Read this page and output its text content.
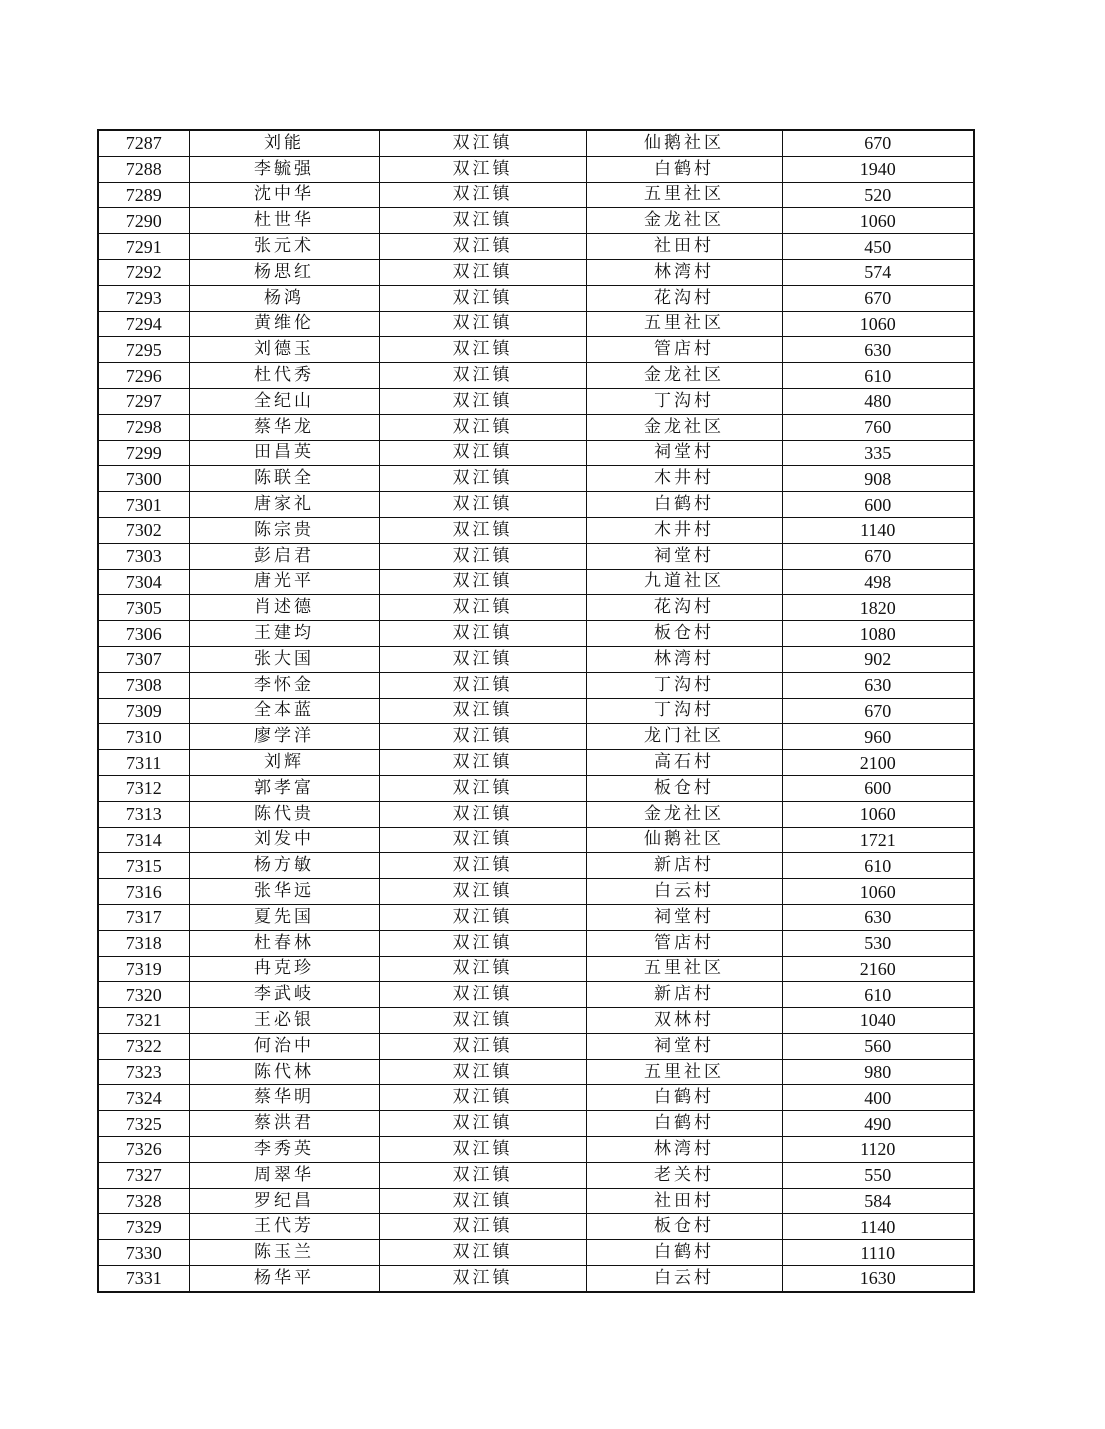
7287	刘能	双江镇	仙鹅社区	670
7288	李毓强	双江镇	白鹤村	1940
7289	沈中华	双江镇	五里社区	520
7290	杜世华	双江镇	金龙社区	1060
7291	张元术	双江镇	社田村	450
7292	杨思红	双江镇	林湾村	574
7293	杨鸿	双江镇	花沟村	670
7294	黄维伦	双江镇	五里社区	1060
7295	刘德玉	双江镇	管店村	630
7296	杜代秀	双江镇	金龙社区	610
7297	全纪山	双江镇	丁沟村	480
7298	蔡华龙	双江镇	金龙社区	760
7299	田昌英	双江镇	祠堂村	335
7300	陈联全	双江镇	木井村	908
7301	唐家礼	双江镇	白鹤村	600
7302	陈宗贵	双江镇	木井村	1140
7303	彭启君	双江镇	祠堂村	670
7304	唐光平	双江镇	九道社区	498
7305	肖述德	双江镇	花沟村	1820
7306	王建均	双江镇	板仓村	1080
7307	张大国	双江镇	林湾村	902
7308	李怀金	双江镇	丁沟村	630
7309	全本蓝	双江镇	丁沟村	670
7310	廖学洋	双江镇	龙门社区	960
7311	刘辉	双江镇	高石村	2100
7312	郭孝富	双江镇	板仓村	600
7313	陈代贵	双江镇	金龙社区	1060
7314	刘发中	双江镇	仙鹅社区	1721
7315	杨方敏	双江镇	新店村	610
7316	张华远	双江镇	白云村	1060
7317	夏先国	双江镇	祠堂村	630
7318	杜春林	双江镇	管店村	530
7319	冉克珍	双江镇	五里社区	2160
7320	李武岐	双江镇	新店村	610
7321	王必银	双江镇	双林村	1040
7322	何治中	双江镇	祠堂村	560
7323	陈代林	双江镇	五里社区	980
7324	蔡华明	双江镇	白鹤村	400
7325	蔡洪君	双江镇	白鹤村	490
7326	李秀英	双江镇	林湾村	1120
7327	周翠华	双江镇	老关村	550
7328	罗纪昌	双江镇	社田村	584
7329	王代芳	双江镇	板仓村	1140
7330	陈玉兰	双江镇	白鹤村	1110
7331	杨华平	双江镇	白云村	1630
